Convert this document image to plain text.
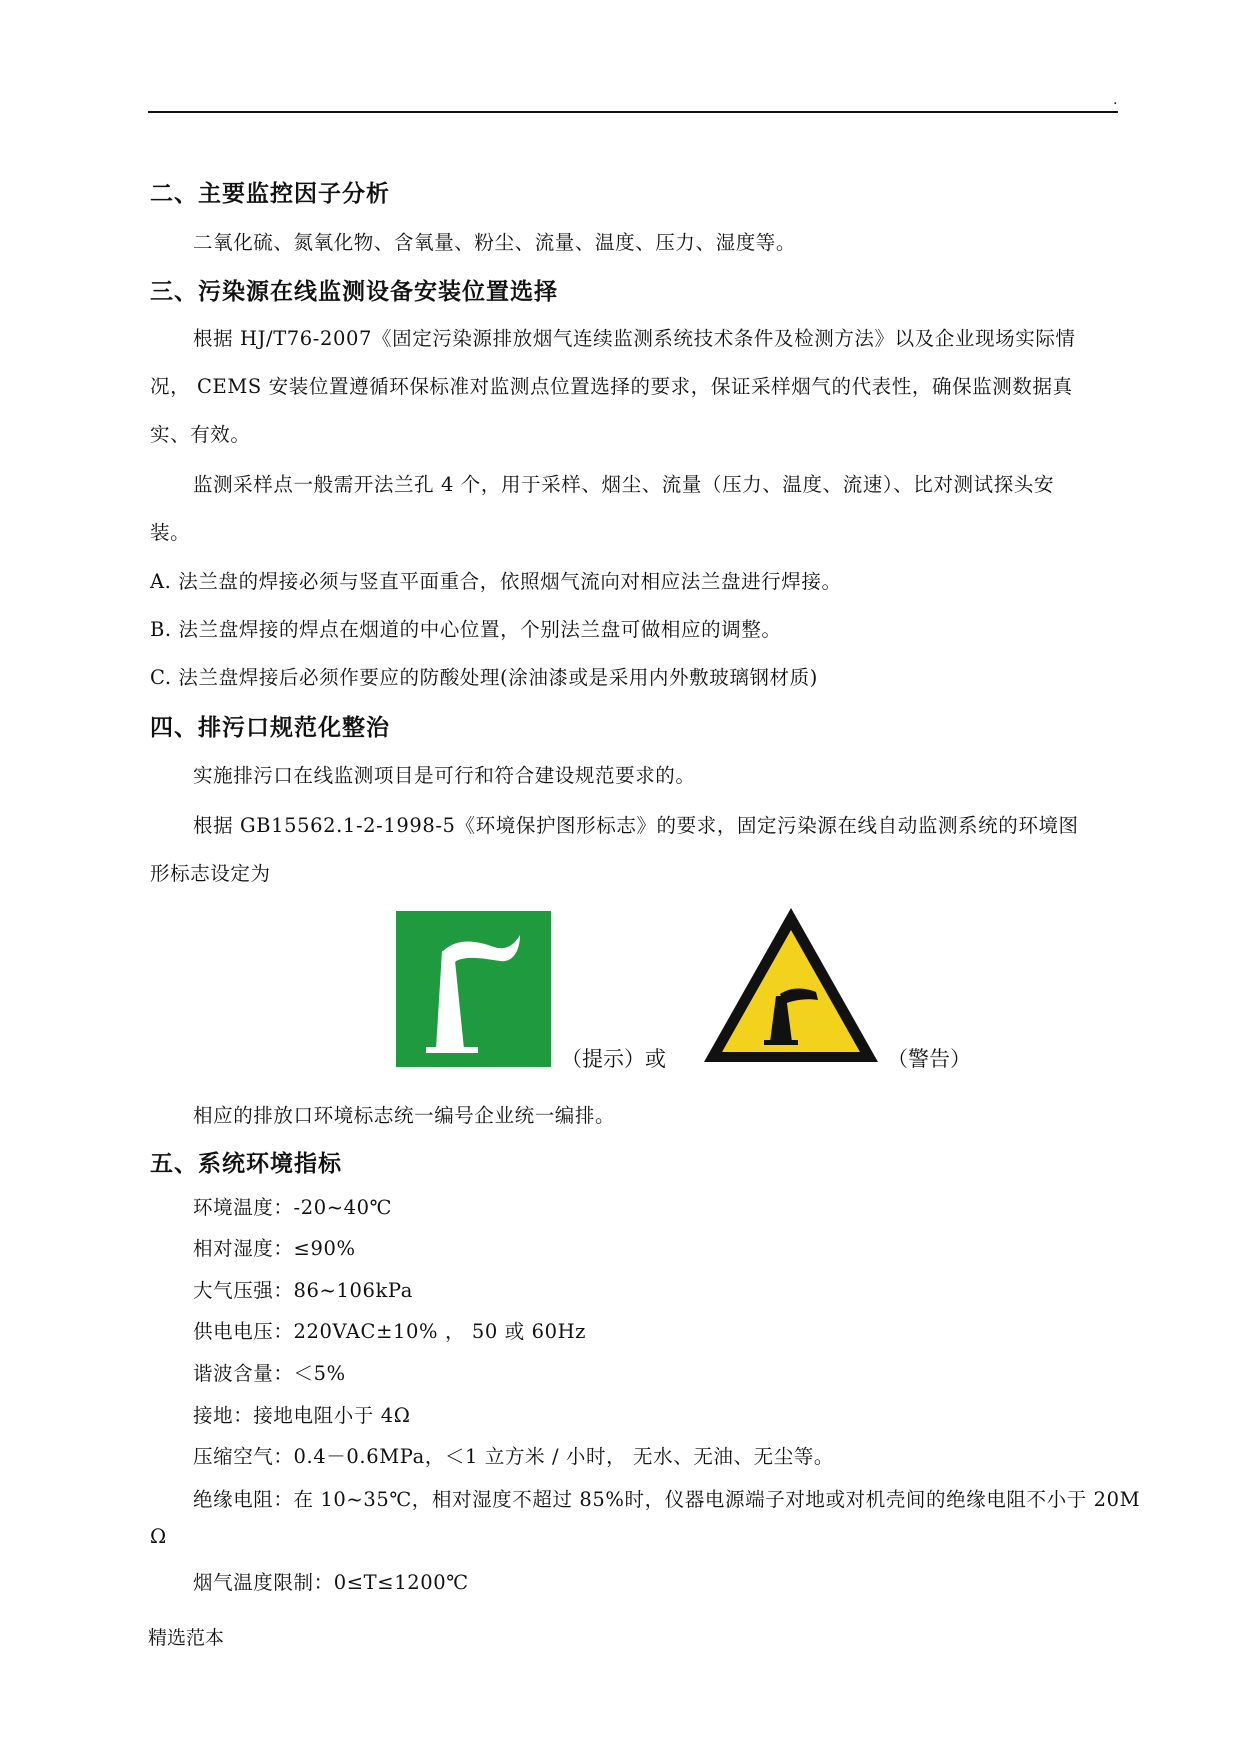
.
二、主要监控因子分析
二氧化硫、氮氧化物、含氧量、粉尘、流量、温度、压力、湿度等。
三、污染源在线监测设备安装位置选择
根据 HJ/T76-2007《固定污染源排放烟气连续监测系统技术条件及检测方法》以及企业现场实际情
况， CEMS 安装位置遵循环保标准对监测点位置选择的要求，保证采样烟气的代表性，确保监测数据真
实、有效。
监测采样点一般需开法兰孔 4 个，用于采样、烟尘、流量（压力、温度、流速）、比对测试探头安
装。
A. 法兰盘的焊接必须与竖直平面重合，依照烟气流向对相应法兰盘进行焊接。
B. 法兰盘焊接的焊点在烟道的中心位置，个别法兰盘可做相应的调整。
C. 法兰盘焊接后必须作要应的防酸处理(涂油漆或是采用内外敷玻璃钢材质)
四、排污口规范化整治
实施排污口在线监测项目是可行和符合建设规范要求的。
根据 GB15562.1-2-1998-5《环境保护图形标志》的要求，固定污染源在线自动监测系统的环境图
形标志设定为
（提示）或	（警告）
相应的排放口环境标志统一编号企业统一编排。
五、系统环境指标
环境温度：-20~40℃
相对湿度：≤90%
大气压强：86~106kPa
供电电压：220VAC±10% ， 50 或 60Hz
谐波含量：＜5%
接地：接地电阻小于 4Ω
压缩空气：0.4－0.6MPa，＜1 立方米 / 小时， 无水、无油、无尘等。
绝缘电阻：在 10~35℃，相对湿度不超过 85%时，仪器电源端子对地或对机壳间的绝缘电阻不小于 20M
Ω
烟气温度限制：0≤T≤1200℃
精选范本
